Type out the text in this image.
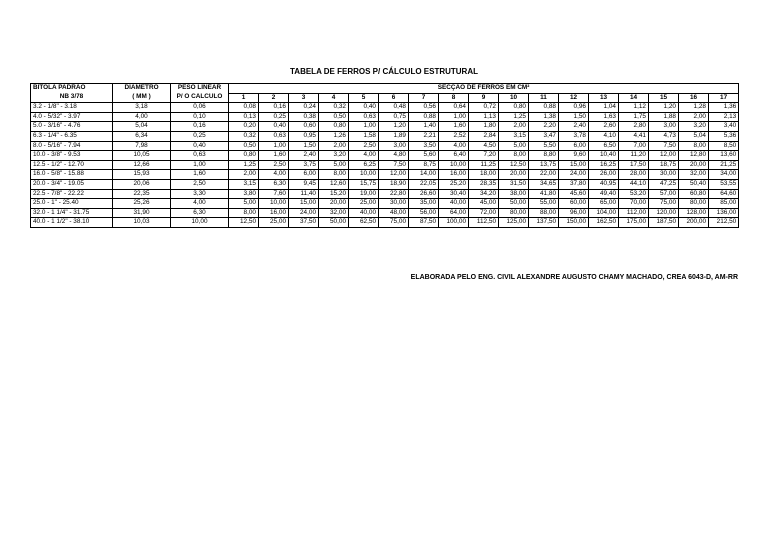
TABELA DE FERROS P/ CÁLCULO ESTRUTURAL
BITOLA PADRÃO	DIAMETRO	PESO LINEAR	SECÇÃO DE FERROS EM CM²																
NB 3/78	( MM )	P/ O CALCULO	1	2	3	4	5	6	7	8	9	10	11	12	13	14	15	16	17
3.2 - 1/8" - 3.18	3,18	0,06	0,08	0,16	0,24	0,32	0,40	0,48	0,56	0,64	0,72	0,80	0,88	0,96	1,04	1,12	1,20	1,28	1,36
4.0 - 5/32" - 3.97	4,00	0,10	0,13	0,25	0,38	0,50	0,63	0,75	0,88	1,00	1,13	1,25	1,38	1,50	1,63	1,75	1,88	2,00	2,13
5.0 - 3/16" - 4.76	5,04	0,16	0,20	0,40	0,60	0,80	1,00	1,20	1,40	1,60	1,80	2,00	2,20	2,40	2,60	2,80	3,00	3,20	3,40
6.3 - 1/4" - 6.35	6,34	0,25	0,32	0,63	0,95	1,26	1,58	1,89	2,21	2,52	2,84	3,15	3,47	3,78	4,10	4,41	4,73	5,04	5,36
8.0 - 5/16" - 7.94	7,98	0,40	0,50	1,00	1,50	2,00	2,50	3,00	3,50	4,00	4,50	5,00	5,50	6,00	6,50	7,00	7,50	8,00	8,50
10.0 - 3/8" - 9.53	10,05	0,63	0,80	1,60	2,40	3,20	4,00	4,80	5,60	6,40	7,20	8,00	8,80	9,60	10,40	11,20	12,00	12,80	13,60
12.5 - 1/2" - 12.70	12,66	1,00	1,25	2,50	3,75	5,00	6,25	7,50	8,75	10,00	11,25	12,50	13,75	15,00	16,25	17,50	18,75	20,00	21,25
16.0 - 5/8" - 15.88	15,93	1,60	2,00	4,00	6,00	8,00	10,00	12,00	14,00	16,00	18,00	20,00	22,00	24,00	26,00	28,00	30,00	32,00	34,00
20.0 - 3/4" - 19.05	20,06	2,50	3,15	6,30	9,45	12,60	15,75	18,90	22,05	25,20	28,35	31,50	34,65	37,80	40,95	44,10	47,25	50,40	53,55
22.5 - 7/8" - 22.22	22,35	3,30	3,80	7,60	11,40	15,20	19,00	22,80	26,60	30,40	34,20	38,00	41,80	45,60	49,40	53,20	57,00	60,80	64,60
25.0 - 1" - 25.40	25,26	4,00	5,00	10,00	15,00	20,00	25,00	30,00	35,00	40,00	45,00	50,00	55,00	60,00	65,00	70,00	75,00	80,00	85,00
32.0 - 1 1/4" - 31.75	31,90	6,30	8,00	16,00	24,00	32,00	40,00	48,00	56,00	64,00	72,00	80,00	88,00	96,00	104,00	112,00	120,00	128,00	136,00
40.0 - 1 1/2" - 38.10	10,03	10,00	12,50	25,00	37,50	50,00	62,50	75,00	87,50	100,00	112,50	125,00	137,50	150,00	162,50	175,00	187,50	200,00	212,50
ELABORADA PELO ENG. CIVIL ALEXANDRE AUGUSTO CHAMY MACHADO, CREA 6043-D, AM-RR
